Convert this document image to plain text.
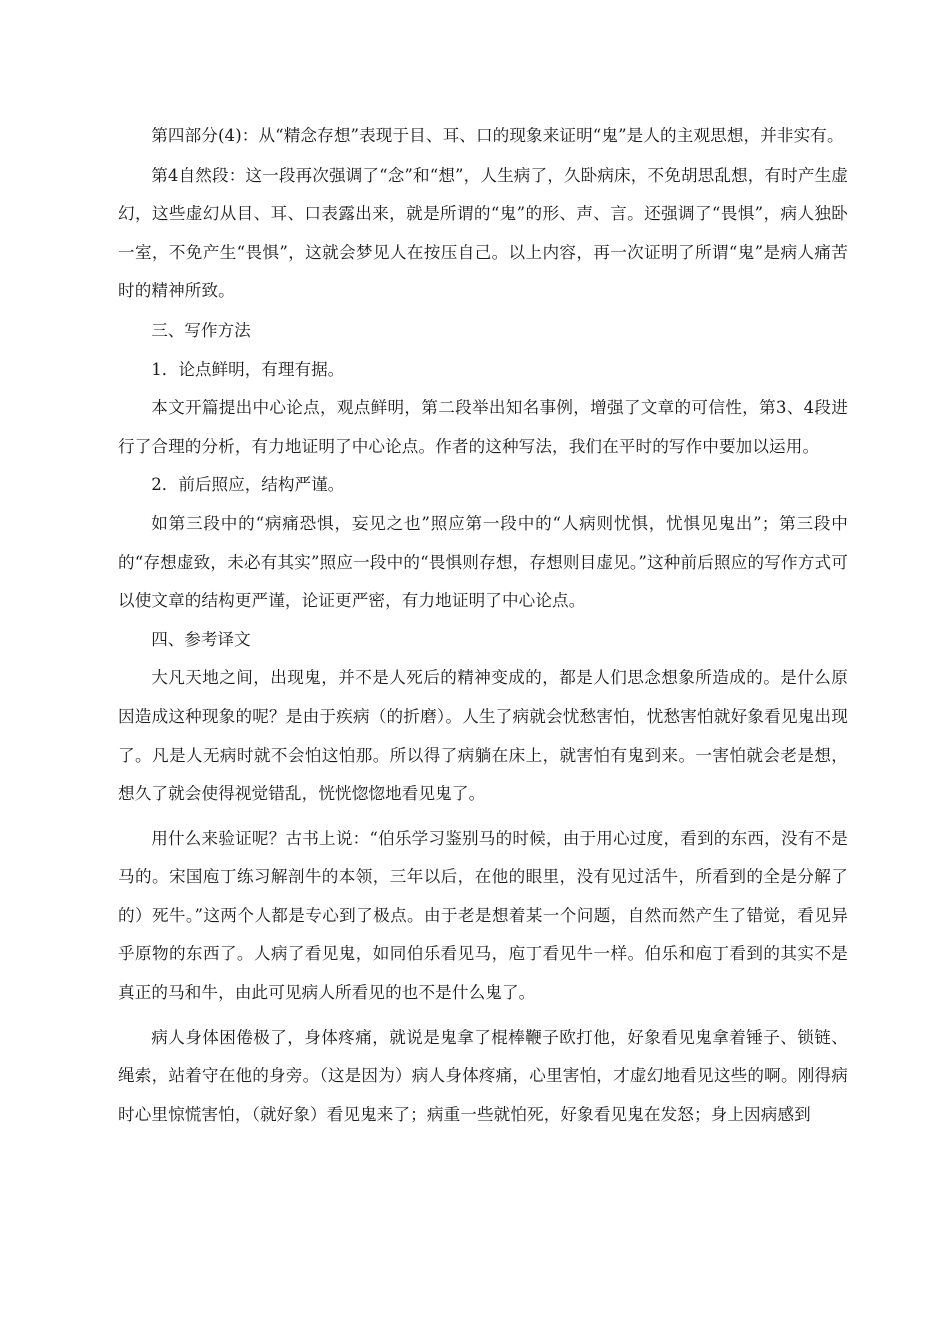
第四部分(4)：从“精念存想”表现于目、耳、口的现象来证明“鬼”是人的主观思想，并非实有。

第4自然段：这一段再次强调了“念”和“想”，人生病了，久卧病床，不免胡思乱想，有时产生虚幻，这些虚幻从目、耳、口表露出来，就是所谓的“鬼”的形、声、言。还强调了“畏惧”，病人独卧一室，不免产生“畏惧”，这就会梦见人在按压自己。以上内容，再一次证明了所谓“鬼”是病人痛苦时的精神所致。

三、写作方法

1．论点鲜明，有理有据。

本文开篇提出中心论点，观点鲜明，第二段举出知名事例，增强了文章的可信性，第3、4段进行了合理的分析，有力地证明了中心论点。作者的这种写法，我们在平时的写作中要加以运用。

2．前后照应，结构严谨。

如第三段中的“病痛恐惧，妄见之也”照应第一段中的“人病则忧惧，忧惧见鬼出”；第三段中的“存想虚致，未必有其实”照应一段中的“畏惧则存想，存想则目虚见。”这种前后照应的写作方式可以使文章的结构更严谨，论证更严密，有力地证明了中心论点。

四、参考译文

大凡天地之间，出现鬼，并不是人死后的精神变成的，都是人们思念想象所造成的。是什么原因造成这种现象的呢？是由于疾病（的折磨）。人生了病就会忧愁害怕，忧愁害怕就好象看见鬼出现了。凡是人无病时就不会怕这怕那。所以得了病躺在床上，就害怕有鬼到来。一害怕就会老是想，想久了就会使得视觉错乱，恍恍惚惚地看见鬼了。

用什么来验证呢？古书上说：“伯乐学习鉴别马的时候，由于用心过度，看到的东西，没有不是马的。宋国庖丁练习解剖牛的本领，三年以后，在他的眼里，没有见过活牛，所看到的全是分解了的）死牛。”这两个人都是专心到了极点。由于老是想着某一个问题，自然而然产生了错觉，看见异乎原物的东西了。人病了看见鬼，如同伯乐看见马，庖丁看见牛一样。伯乐和庖丁看到的其实不是真正的马和牛，由此可见病人所看见的也不是什么鬼了。

病人身体困倦极了，身体疼痛，就说是鬼拿了棍棒鞭子欧打他，好象看见鬼拿着锤子、锁链、绳索，站着守在他的身旁。（这是因为）病人身体疼痛，心里害怕，才虚幻地看见这些的啊。刚得病时心里惊慌害怕，（就好象）看见鬼来了；病重一些就怕死，好象看见鬼在发怒；身上因病感到
